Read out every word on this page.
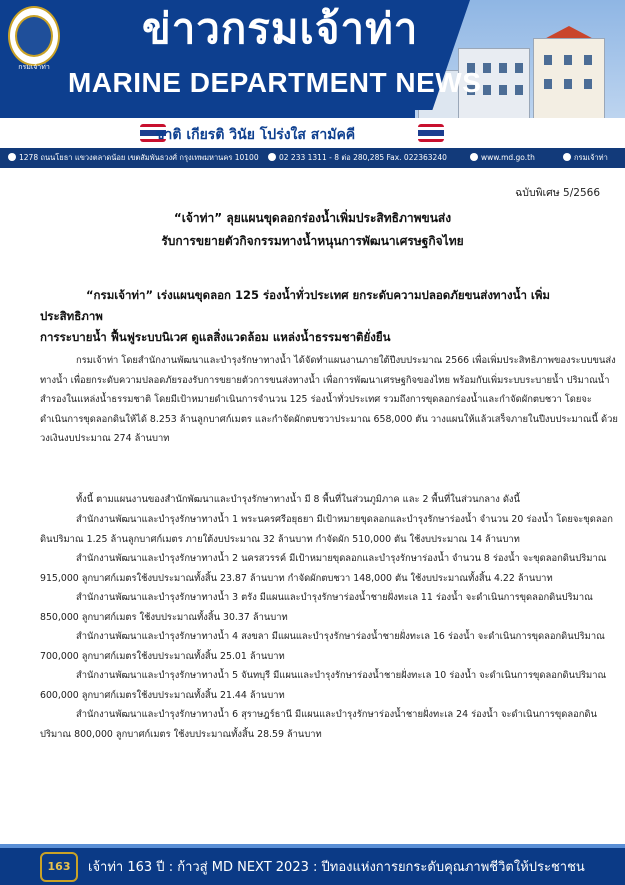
กรมเจ้าท่า
ข่าวกรมเจ้าท่า
MARINE DEPARTMENT NEWS
ชาติ เกียรติ วินัย โปร่งใส สามัคคี
1278 ถนนโยธา แขวงตลาดน้อย เขตสัมพันธวงศ์ กรุงเทพมหานคร 10100	02 233 1311 - 8 ต่อ 280,285 Fax. 022363240	www.md.go.th	กรมเจ้าท่า
ฉบับพิเศษ 5/2566
“เจ้าท่า” ลุยแผนขุดลอกร่องน้ำเพิ่มประสิทธิภาพขนส่ง
รับการขยายตัวกิจกรรมทางน้ำหนุนการพัฒนาเศรษฐกิจไทย
“กรมเจ้าท่า” เร่งแผนขุดลอก 125 ร่องน้ำทั่วประเทศ ยกระดับความปลอดภัยขนส่งทางน้ำ เพิ่มประสิทธิภาพ
การระบายน้ำ ฟื้นฟูระบบนิเวศ ดูแลสิ่งแวดล้อม แหล่งน้ำธรรมชาติยั่งยืน
กรมเจ้าท่า โดยสำนักงานพัฒนาและบำรุงรักษาทางน้ำ ได้จัดทำแผนงานภายใต้ปีงบประมาณ 2566 เพื่อเพิ่มประสิทธิภาพของระบบขนส่งทางน้ำ เพื่อยกระดับความปลอดภัยรองรับการขยายตัวการขนส่งทางน้ำ เพื่อการพัฒนาเศรษฐกิจของไทย พร้อมกับเพิ่มระบบระบายน้ำ ปริมาณน้ำสำรองในแหล่งน้ำธรรมชาติ โดยมีเป้าหมายดำเนินการจำนวน 125 ร่องน้ำทั่วประเทศ รวมถึงการขุดลอกร่องน้ำและกำจัดผักตบชวา โดยจะดำเนินการขุดลอกดินให้ได้ 8.253 ล้านลูกบาศก์เมตร และกำจัดผักตบชวาประมาณ 658,000 ตัน วางแผนให้แล้วเสร็จภายในปีงบประมาณนี้ ด้วยวงเงินงบประมาณ 274 ล้านบาท
ทั้งนี้ ตามแผนงานของสำนักพัฒนาและบำรุงรักษาทางน้ำ มี 8 พื้นที่ในส่วนภูมิภาค และ 2 พื้นที่ในส่วนกลาง ดังนี้
สำนักงานพัฒนาและบำรุงรักษาทางน้ำ 1 พระนครศรีอยุธยา มีเป้าหมายขุดลอกและบำรุงรักษาร่องน้ำ จำนวน 20 ร่องน้ำ โดยจะขุดลอกดินปริมาณ 1.25 ล้านลูกบาศก์เมตร ภายใต้งบประมาณ 32 ล้านบาท กำจัดผัก 510,000 ตัน ใช้งบประมาณ 14 ล้านบาท
สำนักงานพัฒนาและบำรุงรักษาทางน้ำ 2 นครสวรรค์ มีเป้าหมายขุดลอกและบำรุงรักษาร่องน้ำ จำนวน 8 ร่องน้ำ จะขุดลอกดินปริมาณ 915,000 ลูกบาศก์เมตรใช้งบประมาณทั้งสิ้น 23.87 ล้านบาท กำจัดผักตบชวา 148,000 ตัน ใช้งบประมาณทั้งสิ้น 4.22 ล้านบาท
สำนักงานพัฒนาและบำรุงรักษาทางน้ำ 3 ตรัง มีแผนและบำรุงรักษาร่องน้ำชายฝั่งทะเล 11 ร่องน้ำ จะดำเนินการขุดลอกดินปริมาณ 850,000 ลูกบาศก์เมตร ใช้งบประมาณทั้งสิ้น 30.37 ล้านบาท
สำนักงานพัฒนาและบำรุงรักษาทางน้ำ 4 สงขลา มีแผนและบำรุงรักษาร่องน้ำชายฝั่งทะเล 16 ร่องน้ำ จะดำเนินการขุดลอกดินปริมาณ 700,000 ลูกบาศก์เมตรใช้งบประมาณทั้งสิ้น 25.01 ล้านบาท
สำนักงานพัฒนาและบำรุงรักษาทางน้ำ 5 จันทบุรี มีแผนและบำรุงรักษาร่องน้ำชายฝั่งทะเล 10 ร่องน้ำ จะดำเนินการขุดลอกดินปริมาณ 600,000 ลูกบาศก์เมตรใช้งบประมาณทั้งสิ้น 21.44 ล้านบาท
สำนักงานพัฒนาและบำรุงรักษาทางน้ำ 6 สุราษฎร์ธานี มีแผนและบำรุงรักษาร่องน้ำชายฝั่งทะเล 24 ร่องน้ำ จะดำเนินการขุดลอกดินปริมาณ 800,000 ลูกบาศก์เมตร ใช้งบประมาณทั้งสิ้น 28.59 ล้านบาท
163	เจ้าท่า 163 ปี : ก้าวสู่ MD NEXT 2023 : ปีทองแห่งการยกระดับคุณภาพชีวิตให้ประชาชน
